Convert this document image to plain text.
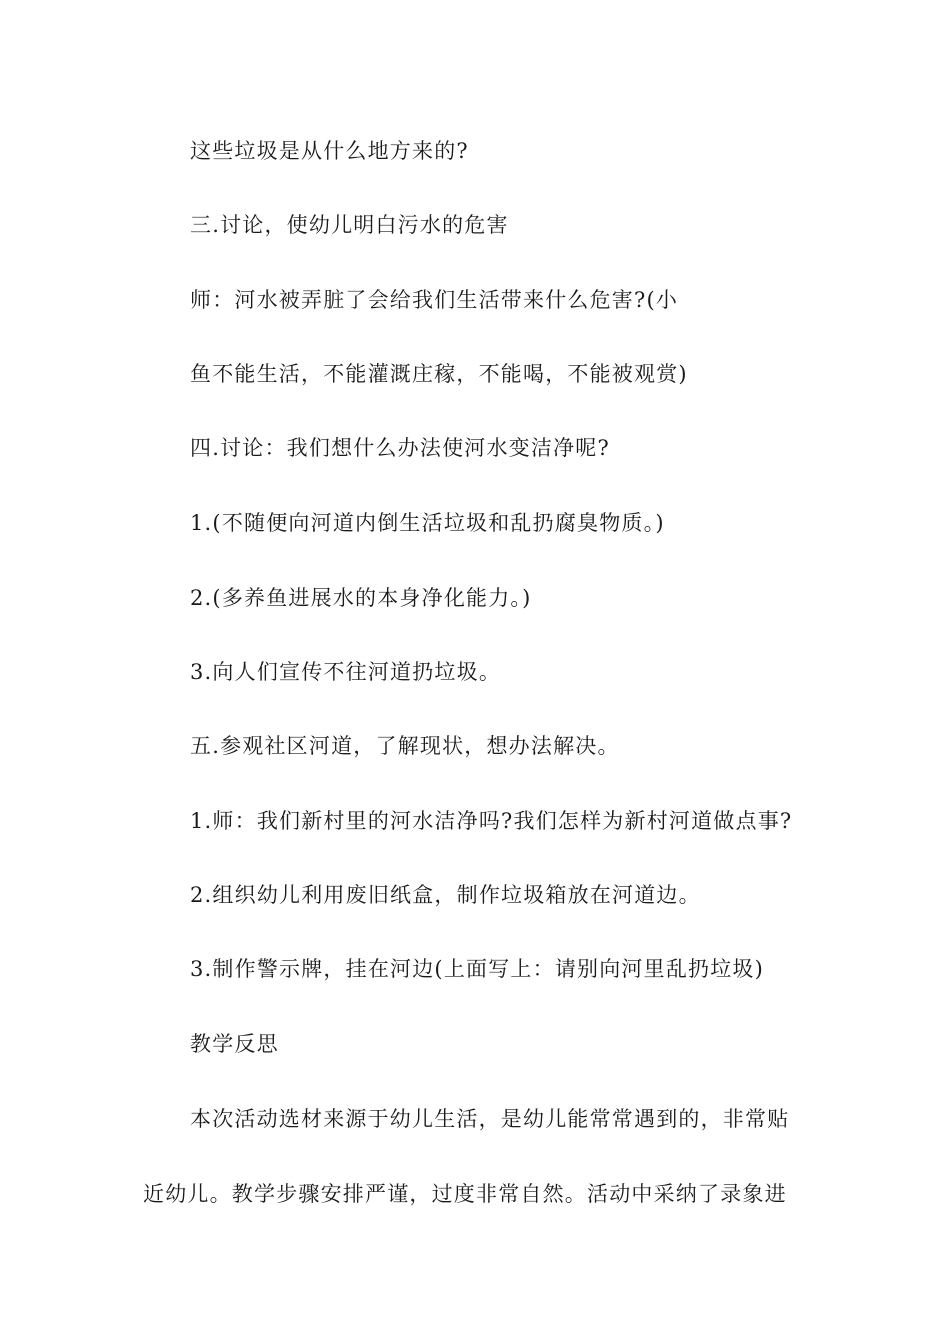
这些垃圾是从什么地方来的?
三.讨论，使幼儿明白污水的危害
师：河水被弄脏了会给我们生活带来什么危害?(小
鱼不能生活，不能灌溉庄稼，不能喝，不能被观赏)
四.讨论：我们想什么办法使河水变洁净呢?
1.(不随便向河道内倒生活垃圾和乱扔腐臭物质。)
2.(多养鱼进展水的本身净化能力。)
3.向人们宣传不往河道扔垃圾。
五.参观社区河道，了解现状，想办法解决。
1.师：我们新村里的河水洁净吗?我们怎样为新村河道做点事?
2.组织幼儿利用废旧纸盒，制作垃圾箱放在河道边。
3.制作警示牌，挂在河边(上面写上：请别向河里乱扔垃圾)
教学反思
本次活动选材来源于幼儿生活，是幼儿能常常遇到的，非常贴
近幼儿。教学步骤安排严谨，过度非常自然。活动中采纳了录象进
